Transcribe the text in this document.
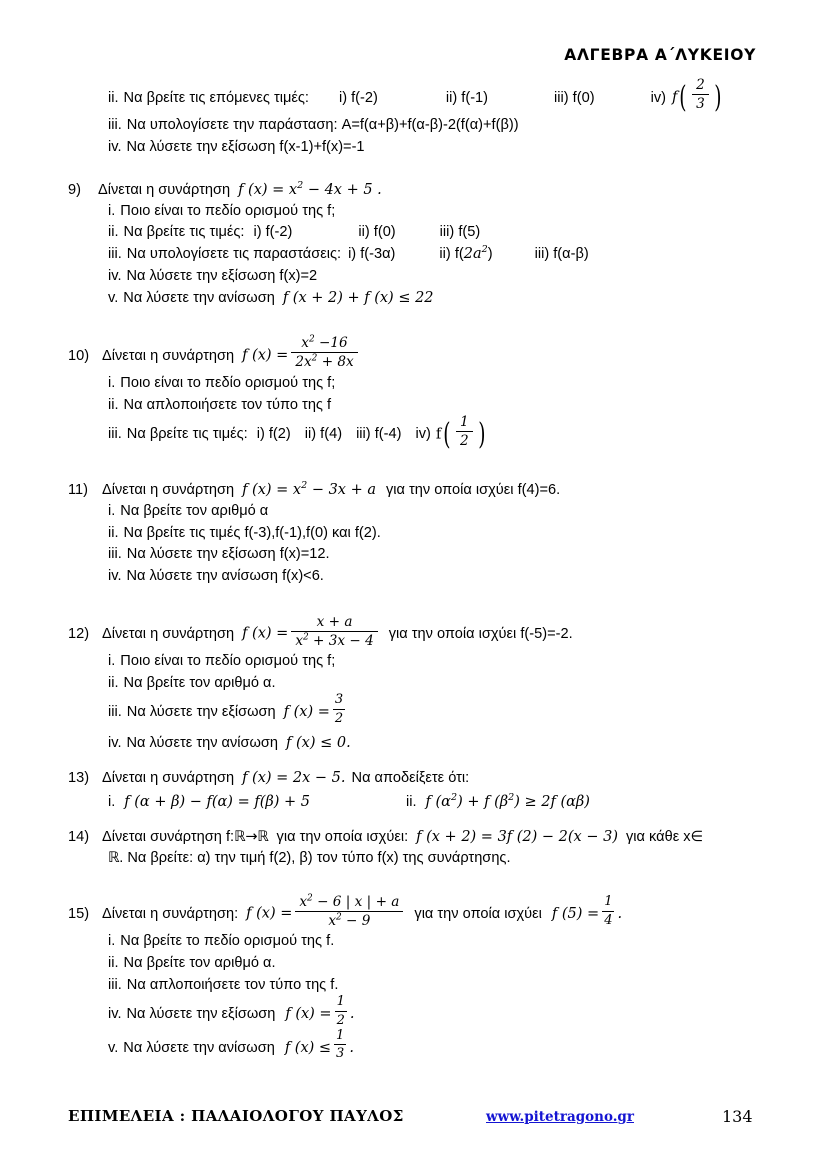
ΑΛΓΕΒΡΑ Α΄ΛΥΚΕΙΟΥ
ii. Να βρείτε τις επόμενες τιμές: i) f(-2)	ii) f(-1)	iii) f(0)	iv) f ( $\frac{2}{3}$ )
iii. Να υπολογίσετε την παράσταση: A=f(α+β)+f(α-β)-2(f(α)+f(β))
iv. Να λύσετε την εξίσωση f(x-1)+f(x)=-1
9)	Δίνεται η συνάρτηση f $(x) = x^2 - 4x + 5$ .
i. Ποιο είναι το πεδίο ορισμού της f;
ii. Να βρείτε τις τιμές: i) f(-2)	ii) f(0)	iii) f(5)
iii. Να υπολογίσετε τις παραστάσεις: i) f(-3α)	ii) $f(2a^2)$	iii) f(α-β)
iv. Να λύσετε την εξίσωση f(x)=2
v. Να λύσετε την ανίσωση f (x + 2) + f (x) ≤ 22
10) Δίνεται η συνάρτηση f $(x) = \frac{x^2 -16}{2x^2 + 8x}$
i. Ποιο είναι το πεδίο ορισμού της f;
ii. Να απλοποιήσετε τον τύπο της f
iii. Να βρείτε τις τιμές: i) f(2) ii) f(4) iii) f(-4) iv) f ( $\frac{1}{2}$ )
11) Δίνεται η συνάρτηση f $(x) = x^2 - 3x + a$ για την οποία ισχύει f(4)=6.
i. Να βρείτε τον αριθμό α
ii. Να βρείτε τις τιμές f(-3),f(-1),f(0) και f(2).
iii. Να λύσετε την εξίσωση f(x)=12.
iv. Να λύσετε την ανίσωση f(x)<6.
12) Δίνεται η συνάρτηση f $(x) = \frac{x + a}{x^2 + 3x - 4}$ για την οποία ισχύει f(-5)=-2.
i. Ποιο είναι το πεδίο ορισμού της f;
ii. Να βρείτε τον αριθμό α.
iii. Να λύσετε την εξίσωση f $(x) = \frac{3}{2}$
iv. Να λύσετε την ανίσωση f (x) ≤ 0.
13) Δίνεται η συνάρτηση f (x) = 2x − 5. Να αποδείξετε ότι:
i. f (α + β) − f(α) = f(β) + 5	ii. f $(\alpha^2) + f$ $(\beta^2) \ge 2f$ (αβ)
14) Δίνεται συνάρτηση f:ℝ→ℝ για την οποία ισχύει: f (x + 2) = 3f (2) − 2(x − 3) για κάθε x∈
ℝ . Να βρείτε: α) την τιμή f(2), β) τον τύπο f(x) της συνάρτησης.
15) Δίνεται η συνάρτηση: f $(x) = \frac{x^2 - 6 | x | + a}{x^2 - 9}$ για την οποία ισχύει f $(5) = \frac{1}{4}$ .
i. Να βρείτε το πεδίο ορισμού της f.
ii. Να βρείτε τον αριθμό α.
iii. Να απλοποιήσετε τον τύπο της f.
iv. Να λύσετε την εξίσωση f $(x) = \frac{1}{2}$ .
v. Να λύσετε την ανίσωση f $(x) \le \frac{1}{3}$ .
ΕΠΙΜΕΛΕΙΑ : ΠΑΛΑΙΟΛΟΓΟΥ ΠΑΥΛΟΣ	www.pitetragono.gr	134
